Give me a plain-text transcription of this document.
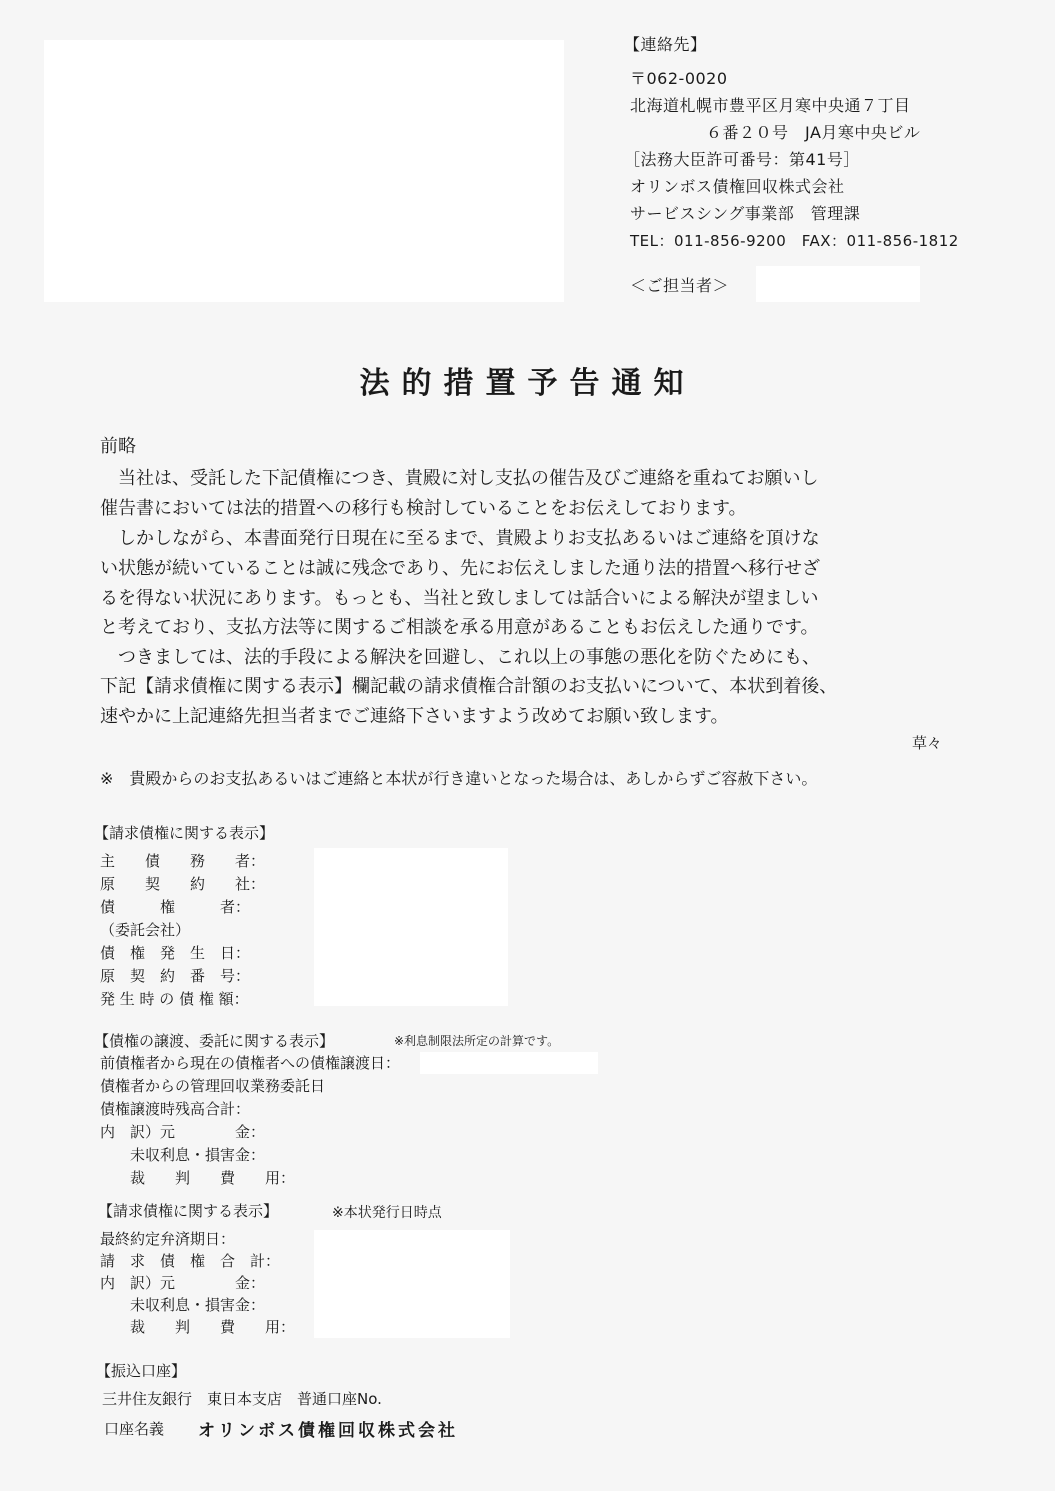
【連絡先】
〒062-0020
北海道札幌市豊平区月寒中央通７丁目
６番２０号　JA月寒中央ビル
［法務大臣許可番号：第41号］
オリンボス債権回収株式会社
サービスシング事業部　管理課
TEL：011-856-9200　FAX：011-856-1812
＜ご担当者＞
法的措置予告通知
前略
　当社は、受託した下記債権につき、貴殿に対し支払の催告及びご連絡を重ねてお願いし
催告書においては法的措置への移行も検討していることをお伝えしております。
　しかしながら、本書面発行日現在に至るまで、貴殿よりお支払あるいはご連絡を頂けな
い状態が続いていることは誠に残念であり、先にお伝えしました通り法的措置へ移行せざ
るを得ない状況にあります。もっとも、当社と致しましては話合いによる解決が望ましい
と考えており、支払方法等に関するご相談を承る用意があることもお伝えした通りです。
　つきましては、法的手段による解決を回避し、これ以上の事態の悪化を防ぐためにも、
下記【請求債権に関する表示】欄記載の請求債権合計額のお支払いについて、本状到着後、
速やかに上記連絡先担当者までご連絡下さいますよう改めてお願い致します。
草々
※　貴殿からのお支払あるいはご連絡と本状が行き違いとなった場合は、あしからずご容赦下さい。
【請求債権に関する表示】
主　　債　　務　　者：
原　　契　　約　　社：
債　　　権　　　者：
（委託会社）
債　権　発　生　日：
原　契　約　番　号：
発 生 時 の 債 権 額：
【債権の譲渡、委託に関する表示】	※利息制限法所定の計算です。
前債権者から現在の債権者への債権譲渡日：
債権者からの管理回収業務委託日
債権譲渡時残高合計：
内　訳）元　　　　金：
　　未収利息・損害金：
　　裁　　判　　費　　用：
【請求債権に関する表示】	※本状発行日時点
最終約定弁済期日：
請　求　債　権　合　計：
内　訳）元　　　　金：
　　未収利息・損害金：
　　裁　　判　　費　　用：
【振込口座】
三井住友銀行　東日本支店　普通口座No.
口座名義 オリンボス債権回収株式会社
